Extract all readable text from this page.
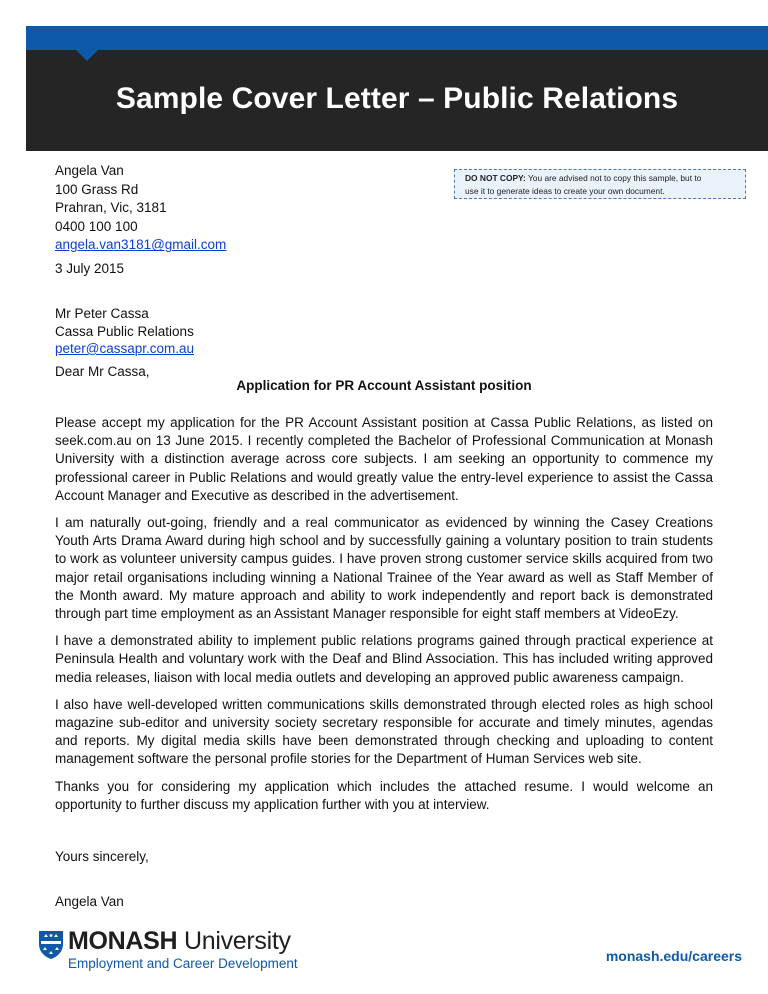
Sample Cover Letter – Public Relations
Angela Van
100 Grass Rd
Prahran, Vic, 3181
0400 100 100
angela.van3181@gmail.com
DO NOT COPY: You are advised not to copy this sample, but to
use it to generate ideas to create your own document.
3 July 2015
Mr Peter Cassa
Cassa Public Relations
peter@cassapr.com.au
Dear Mr Cassa,
Application for PR Account Assistant position

Please accept my application for the PR Account Assistant position at Cassa Public Relations, as listed on seek.com.au on 13 June 2015. I recently completed the Bachelor of Professional Communication at Monash University with a distinction average across core subjects. I am seeking an opportunity to commence my professional career in Public Relations and would greatly value the entry-level experience to assist the Cassa Account Manager and Executive as described in the advertisement.

I am naturally out-going, friendly and a real communicator as evidenced by winning the Casey Creations Youth Arts Drama Award during high school and by successfully gaining a voluntary position to train students to work as volunteer university campus guides. I have proven strong customer service skills acquired from two major retail organisations including winning a National Trainee of the Year award as well as Staff Member of the Month award. My mature approach and ability to work independently and report back is demonstrated through part time employment as an Assistant Manager responsible for eight staff members at VideoEzy.

I have a demonstrated ability to implement public relations programs gained through practical experience at Peninsula Health and voluntary work with the Deaf and Blind Association. This has included writing approved media releases, liaison with local media outlets and developing an approved public awareness campaign.

I also have well-developed written communications skills demonstrated through elected roles as high school magazine sub-editor and university society secretary responsible for accurate and timely minutes, agendas and reports. My digital media skills have been demonstrated through checking and uploading to content management software the personal profile stories for the Department of Human Services web site.

Thanks you for considering my application which includes the attached resume. I would welcome an opportunity to further discuss my application further with you at interview.

Yours sincerely,
Angela Van
MONASH University
Employment and Career Development	monash.edu/careers
